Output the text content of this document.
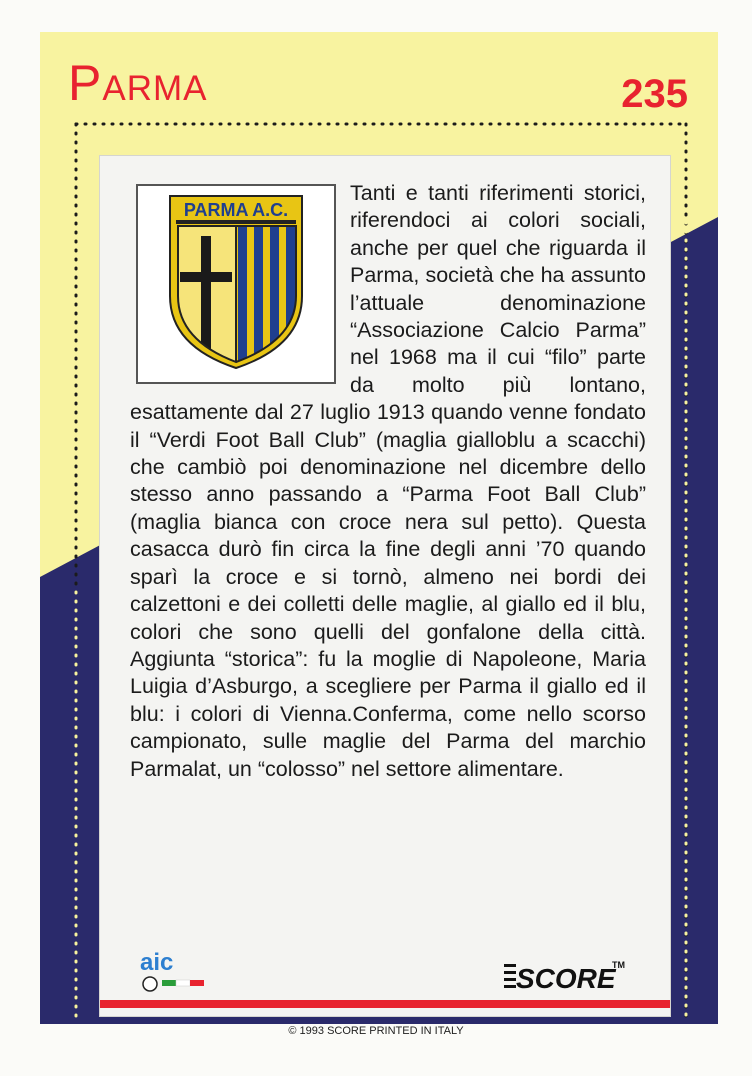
Parma	235
PARMA A.C.
Tanti e tanti riferimenti storici, riferendoci ai colori sociali, anche per quel che riguarda il Parma, società che ha assunto l’attuale denominazione “Associazione Calcio Parma” nel 1968 ma il cui “filo” parte da molto più lontano, esattamente dal 27 luglio 1913 quando venne fondato il “Verdi Foot Ball Club” (maglia gialloblu a scacchi) che cambiò poi denominazione nel dicembre dello stesso anno passando a “Parma Foot Ball Club” (maglia bianca con croce nera sul petto). Questa casacca durò fin circa la fine degli anni ’70 quando sparì la croce e si tornò, almeno nei bordi dei calzettoni e dei colletti delle maglie, al giallo ed il blu, colori che sono quelli del gonfalone della città. Aggiunta “storica”: fu la moglie di Napoleone, Maria Luigia d’Asburgo, a scegliere per Parma il giallo ed il blu: i colori di Vienna.Conferma, come nello scorso campionato, sulle maglie del Parma del marchio Parmalat, un “colosso” nel settore alimentare.
aic
SCORE
TM
© 1993 SCORE PRINTED IN ITALY
